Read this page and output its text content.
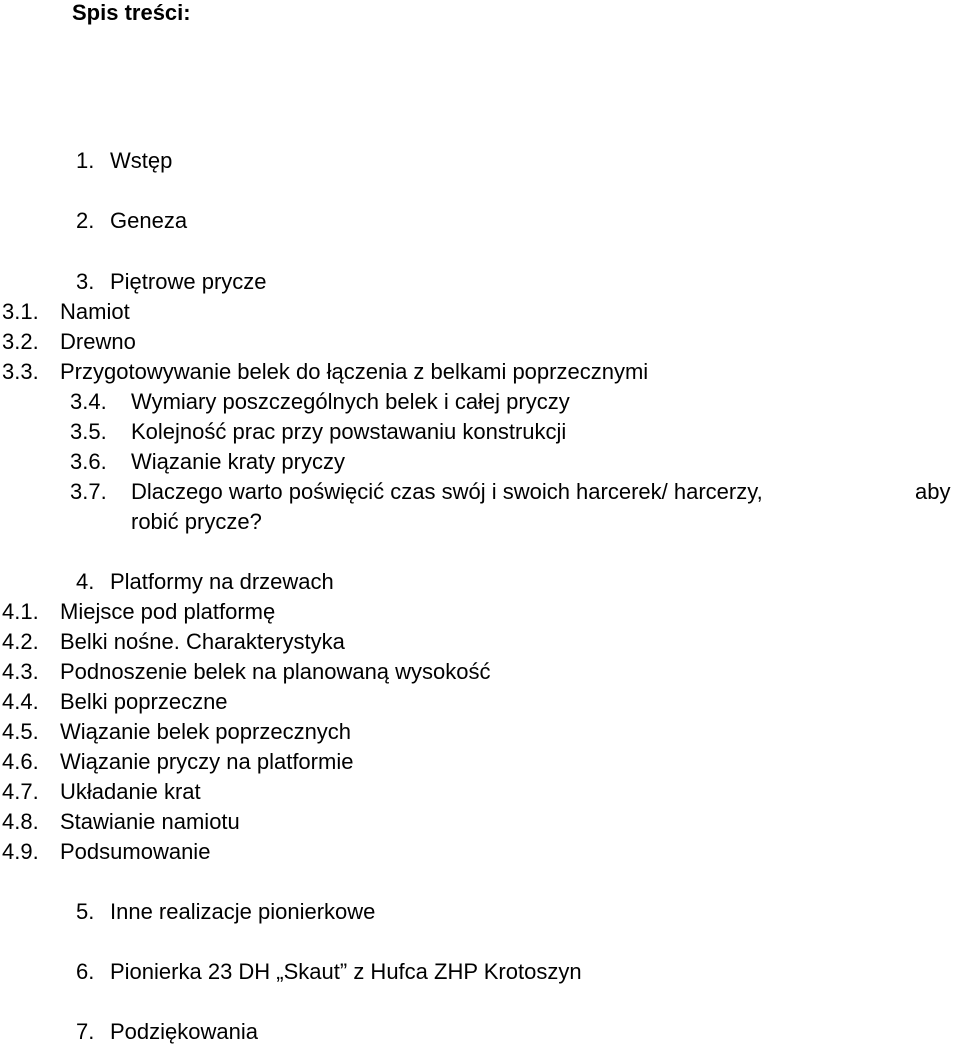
Spis treści:
1. Wstęp
2. Geneza
3. Piętrowe prycze
3.1. Namiot
3.2. Drewno
3.3. Przygotowywanie belek do łączenia z belkami poprzecznymi
3.4. Wymiary poszczególnych belek i całej pryczy
3.5. Kolejność prac przy powstawaniu konstrukcji
3.6. Wiązanie kraty pryczy
3.7. Dlaczego warto poświęcić czas swój i swoich harcerek/ harcerzy,	aby
robić prycze?
4. Platformy na drzewach
4.1. Miejsce pod platformę
4.2. Belki nośne. Charakterystyka
4.3. Podnoszenie belek na planowaną wysokość
4.4. Belki poprzeczne
4.5. Wiązanie belek poprzecznych
4.6. Wiązanie pryczy na platformie
4.7. Układanie krat
4.8. Stawianie namiotu
4.9. Podsumowanie
5. Inne realizacje pionierkowe
6. Pionierka 23 DH „Skaut” z Hufca ZHP Krotoszyn
7. Podziękowania
